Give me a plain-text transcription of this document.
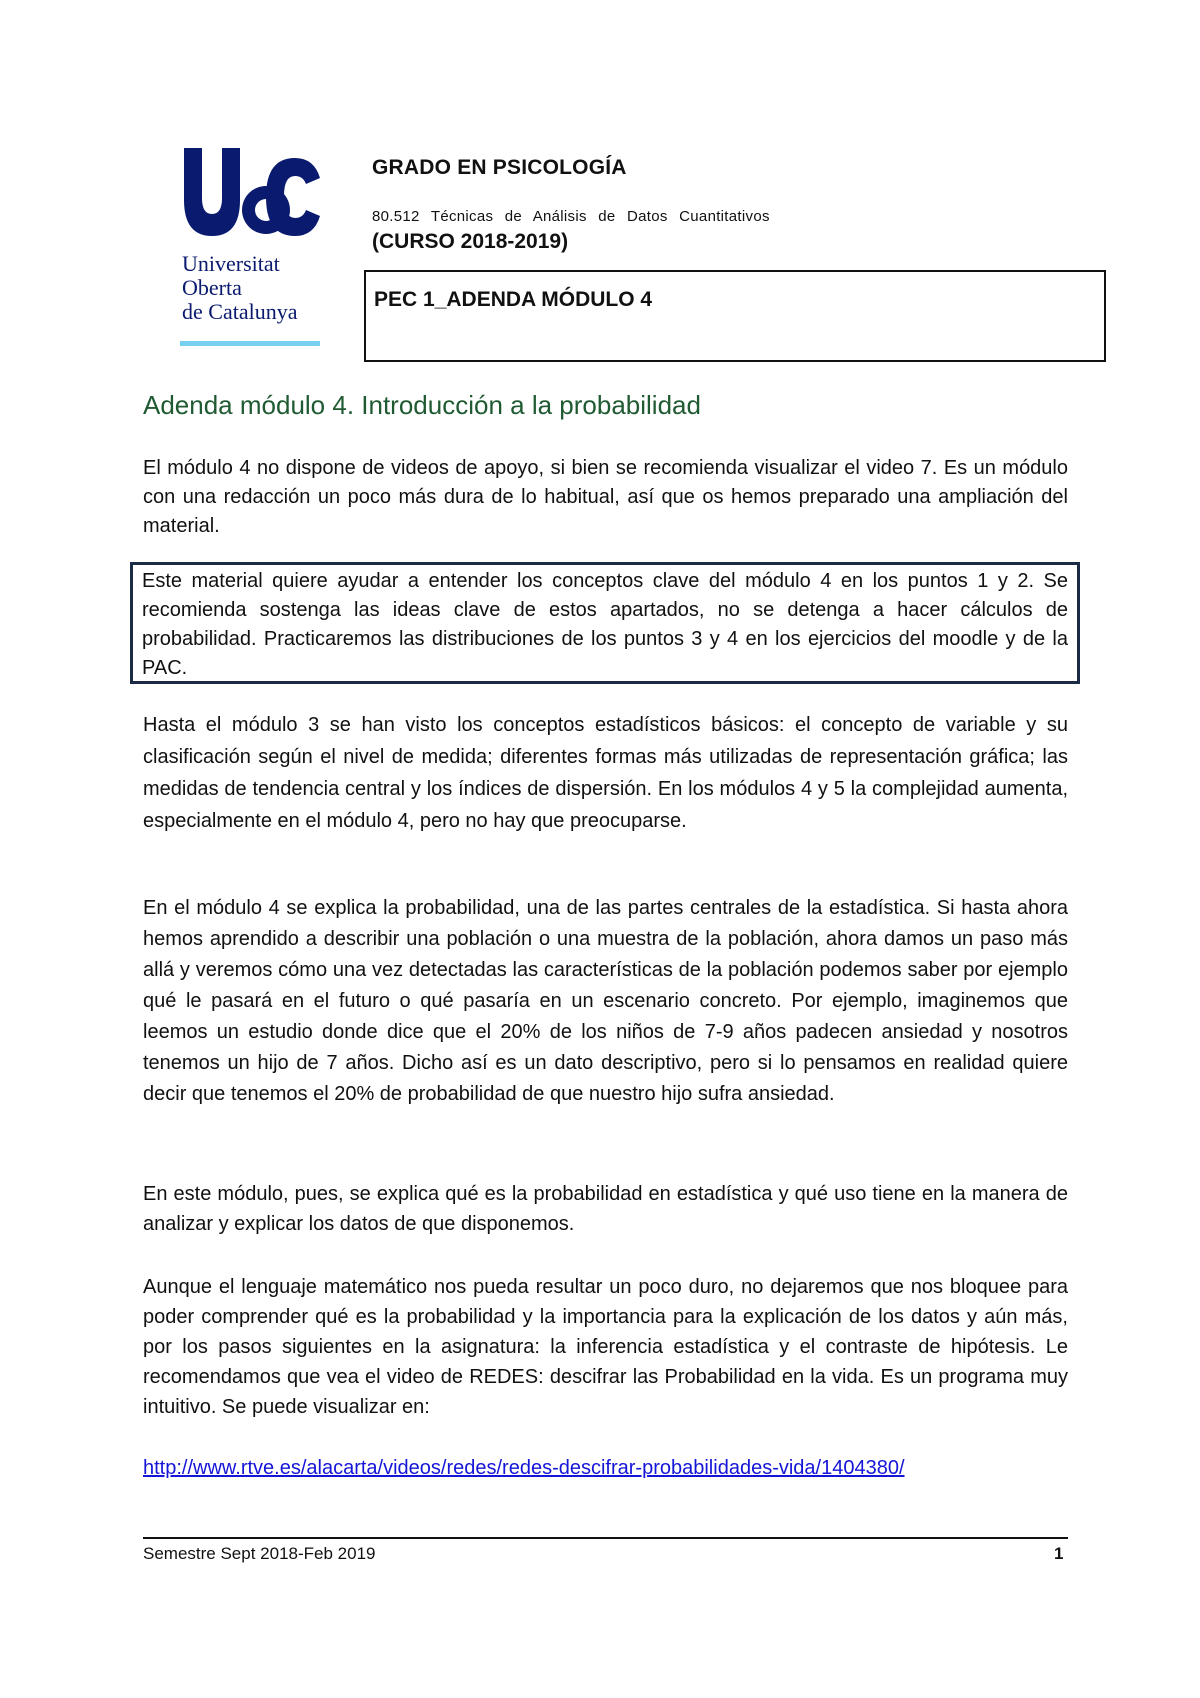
Universitat
Oberta
de Catalunya
GRADO EN PSICOLOGÍA
80.512 Técnicas de Análisis de Datos Cuantitativos
(CURSO 2018-2019)
PEC 1_ADENDA MÓDULO 4
Adenda módulo 4. Introducción a la probabilidad
El módulo 4 no dispone de videos de apoyo, si bien se recomienda visualizar el video 7. Es un módulo con una redacción un poco más dura de lo habitual, así que os hemos preparado una ampliación del material.

Este material quiere ayudar a entender los conceptos clave del módulo 4 en los puntos 1 y 2. Se recomienda sostenga las ideas clave de estos apartados, no se detenga a hacer cálculos de probabilidad. Practicaremos las distribuciones de los puntos 3 y 4 en los ejercicios del moodle y de la PAC.

Hasta el módulo 3 se han visto los conceptos estadísticos básicos: el concepto de variable y su clasificación según el nivel de medida; diferentes formas más utilizadas de representación gráfica; las medidas de tendencia central y los índices de dispersión. En los módulos 4 y 5 la complejidad aumenta, especialmente en el módulo 4, pero no hay que preocuparse.
En el módulo 4 se explica la probabilidad, una de las partes centrales de la estadística. Si hasta ahora hemos aprendido a describir una población o una muestra de la población, ahora damos un paso más allá y veremos cómo una vez detectadas las características de la población podemos saber por ejemplo qué le pasará en el futuro o qué pasaría en un escenario concreto. Por ejemplo, imaginemos que leemos un estudio donde dice que el 20% de los niños de 7-9 años padecen ansiedad y nosotros tenemos un hijo de 7 años. Dicho así es un dato descriptivo, pero si lo pensamos en realidad quiere decir que tenemos el 20% de probabilidad de que nuestro hijo sufra ansiedad.
En este módulo, pues, se explica qué es la probabilidad en estadística y qué uso tiene en la manera de analizar y explicar los datos de que disponemos.
Aunque el lenguaje matemático nos pueda resultar un poco duro, no dejaremos que nos bloquee para poder comprender qué es la probabilidad y la importancia para la explicación de los datos y aún más, por los pasos siguientes en la asignatura: la inferencia estadística y el contraste de hipótesis. Le recomendamos que vea el video de REDES: descifrar las Probabilidad en la vida. Es un programa muy intuitivo. Se puede visualizar en:
http://www.rtve.es/alacarta/videos/redes/redes-descifrar-probabilidades-vida/1404380/
Semestre Sept 2018-Feb 2019	1
